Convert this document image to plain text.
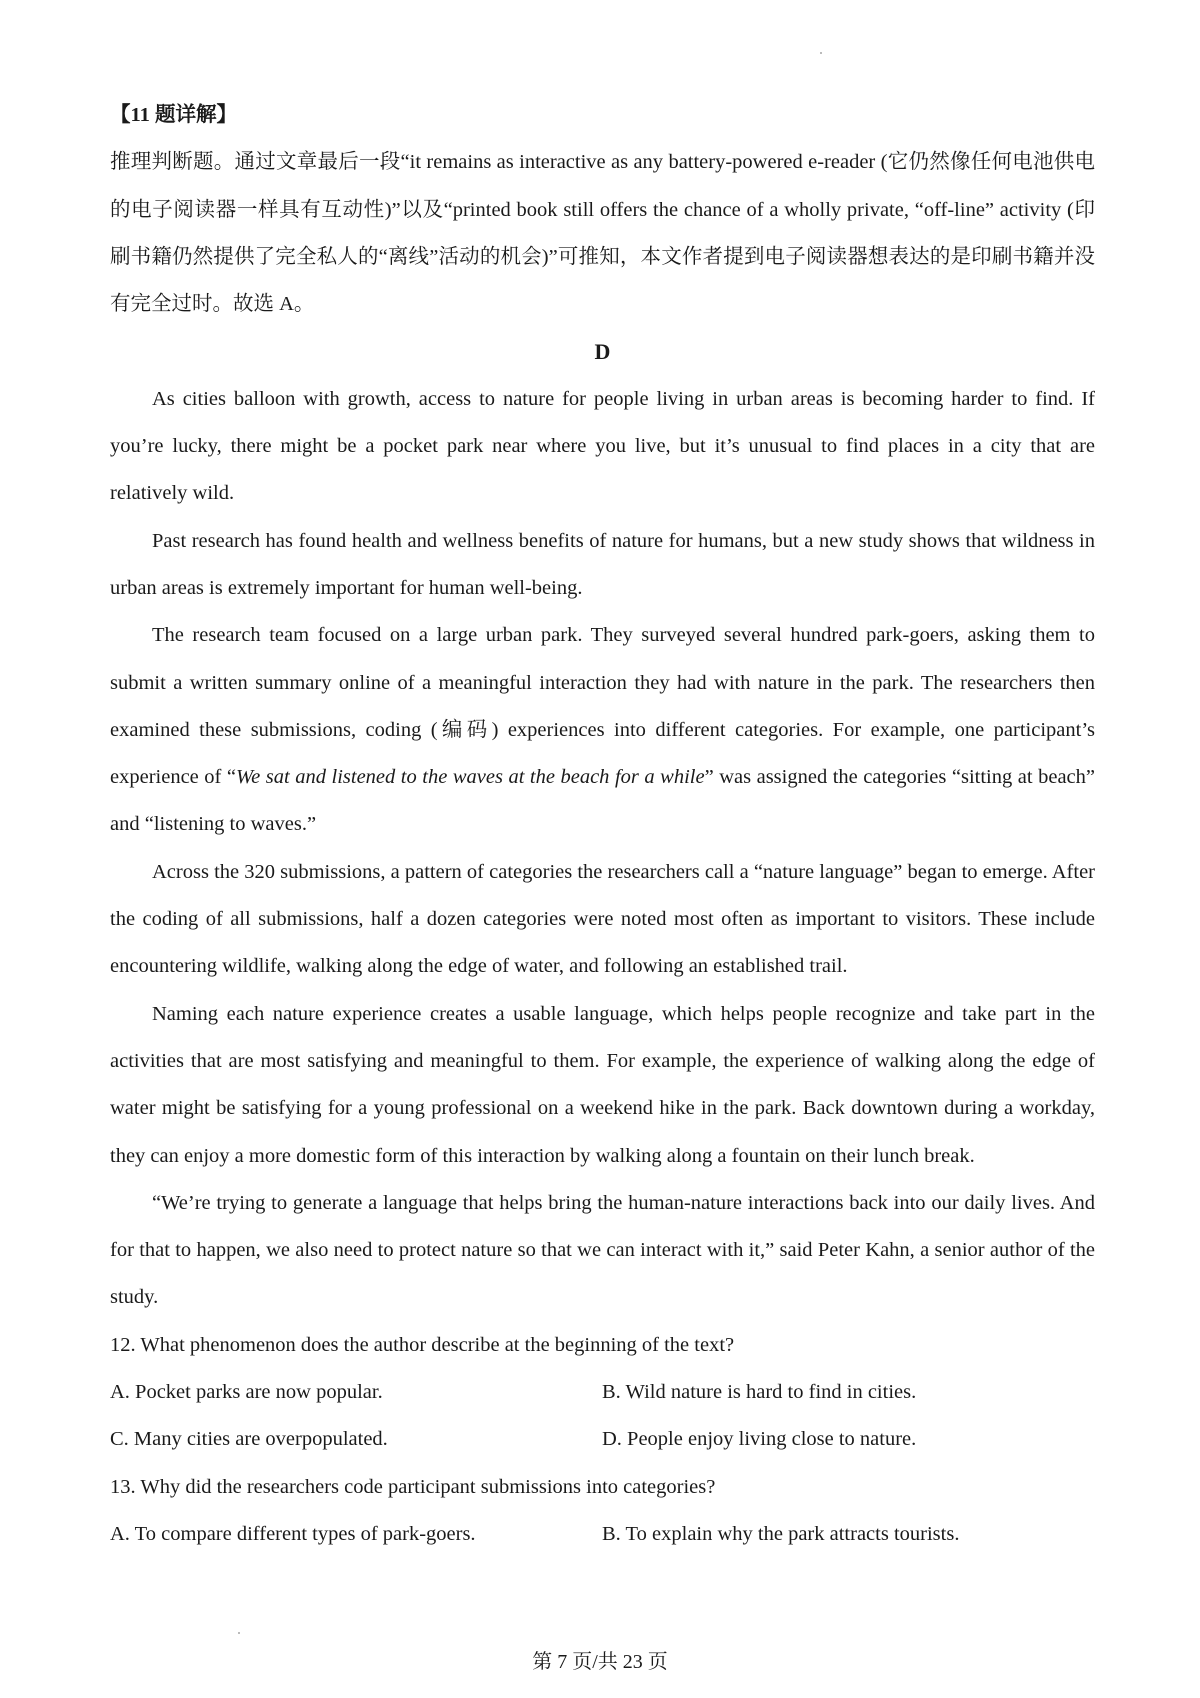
【11 题详解】

推理判断题。通过文章最后一段“it remains as interactive as any battery-powered e-reader (它仍然像任何电池供电的电子阅读器一样具有互动性)”以及“printed book still offers the chance of a wholly private, “off-line” activity (印刷书籍仍然提供了完全私人的“离线”活动的机会)”可推知，本文作者提到电子阅读器想表达的是印刷书籍并没有完全过时。故选 A。

D

As cities balloon with growth, access to nature for people living in urban areas is becoming harder to find. If you’re lucky, there might be a pocket park near where you live, but it’s unusual to find places in a city that are relatively wild.

Past research has found health and wellness benefits of nature for humans, but a new study shows that wildness in urban areas is extremely important for human well-being.

The research team focused on a large urban park. They surveyed several hundred park-goers, asking them to submit a written summary online of a meaningful interaction they had with nature in the park. The researchers then examined these submissions, coding (编码) experiences into different categories. For example, one participant’s experience of “We sat and listened to the waves at the beach for a while” was assigned the categories “sitting at beach” and “listening to waves.”

Across the 320 submissions, a pattern of categories the researchers call a “nature language” began to emerge. After the coding of all submissions, half a dozen categories were noted most often as important to visitors. These include encountering wildlife, walking along the edge of water, and following an established trail.

Naming each nature experience creates a usable language, which helps people recognize and take part in the activities that are most satisfying and meaningful to them. For example, the experience of walking along the edge of water might be satisfying for a young professional on a weekend hike in the park. Back downtown during a workday, they can enjoy a more domestic form of this interaction by walking along a fountain on their lunch break.

“We’re trying to generate a language that helps bring the human-nature interactions back into our daily lives. And for that to happen, we also need to protect nature so that we can interact with it,” said Peter Kahn, a senior author of the study.

12. What phenomenon does the author describe at the beginning of the text?

A. Pocket parks are now popular.	B. Wild nature is hard to find in cities.
C. Many cities are overpopulated.	D. People enjoy living close to nature.

13. Why did the researchers code participant submissions into categories?

A. To compare different types of park-goers.	B. To explain why the park attracts tourists.
第 7 页/共 23 页
